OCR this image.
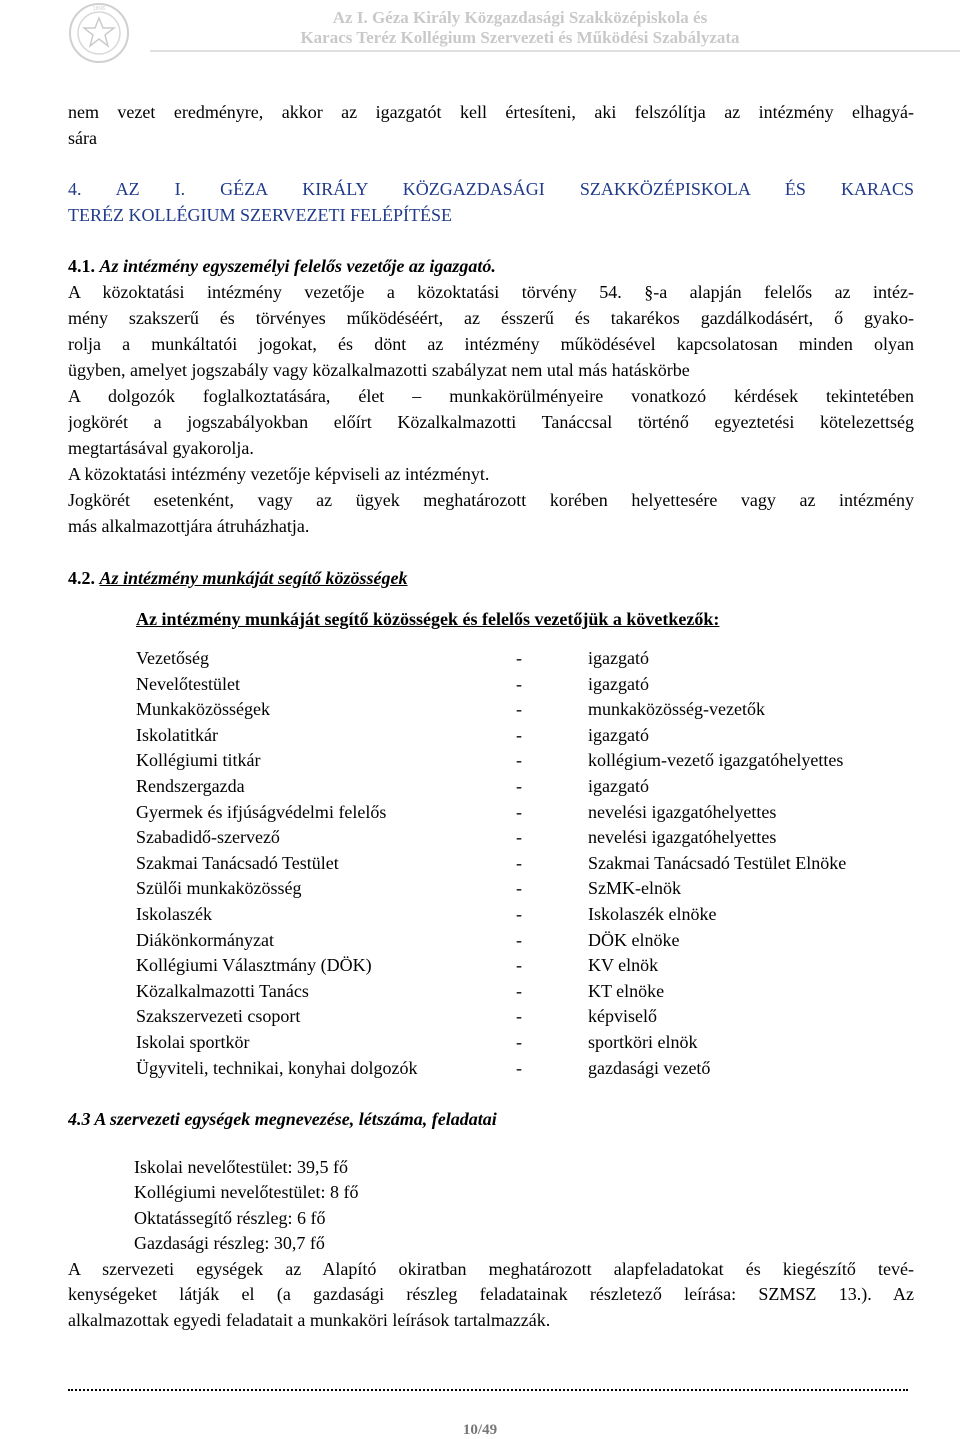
1896	Az I. Géza Király Közgazdasági Szakközépiskola és
Karacs Teréz Kollégium Szervezeti és Működési Szabályzata
nem vezet eredményre, akkor az igazgatót kell értesíteni, aki felszólítja az intézmény elhagyá-
sára
4. AZ I. GÉZA KIRÁLY KÖZGAZDASÁGI SZAKKÖZÉPISKOLA ÉS KARACS
TERÉZ KOLLÉGIUM SZERVEZETI FELÉPÍTÉSE
4.1. Az intézmény egyszemélyi felelős vezetője az igazgató.
A közoktatási intézmény vezetője a közoktatási törvény 54. §-a alapján felelős az intéz-
mény szakszerű és törvényes működéséért, az ésszerű és takarékos gazdálkodásért, ő gyako-
rolja a munkáltatói jogokat, és dönt az intézmény működésével kapcsolatosan minden olyan
ügyben, amelyet jogszabály vagy közalkalmazotti szabályzat nem utal más hatáskörbe
A dolgozók foglalkoztatására, élet – munkakörülményeire vonatkozó kérdések tekintetében
jogkörét a jogszabályokban előírt Közalkalmazotti Tanáccsal történő egyeztetési kötelezettség
megtartásával gyakorolja.
A közoktatási intézmény vezetője képviseli az intézményt.
Jogkörét esetenként, vagy az ügyek meghatározott korében helyettesére vagy az intézmény
más alkalmazottjára átruházhatja.
4.2. Az intézmény munkáját segítő közösségek
Az intézmény munkáját segítő közösségek és felelős vezetőjük a következők:
Vezetőség	-	igazgató
Nevelőtestület	-	igazgató
Munkaközösségek	-	munkaközösség-vezetők
Iskolatitkár	-	igazgató
Kollégiumi titkár	-	kollégium-vezető igazgatóhelyettes
Rendszergazda	-	igazgató
Gyermek és ifjúságvédelmi felelős	-	nevelési igazgatóhelyettes
Szabadidő-szervező	-	nevelési igazgatóhelyettes
Szakmai Tanácsadó Testület	-	Szakmai Tanácsadó Testület Elnöke
Szülői munkaközösség	-	SzMK-elnök
Iskolaszék	-	Iskolaszék elnöke
Diákönkormányzat	-	DÖK elnöke
Kollégiumi Választmány (DÖK)	-	KV elnök
Közalkalmazotti Tanács	-	KT elnöke
Szakszervezeti csoport	-	képviselő
Iskolai sportkör	-	sportköri elnök
Ügyviteli, technikai, konyhai dolgozók	-	gazdasági vezető
4.3 A szervezeti egységek megnevezése, létszáma, feladatai
Iskolai nevelőtestület: 39,5 fő
Kollégiumi nevelőtestület: 8 fő
Oktatássegítő részleg: 6 fő
Gazdasági részleg: 30,7 fő
A szervezeti egységek az Alapító okiratban meghatározott alapfeladatokat és kiegészítő tevé-
kenységeket látják el (a gazdasági részleg feladatainak részletező leírása: SZMSZ 13.). Az
alkalmazottak egyedi feladatait a munkaköri leírások tartalmazzák.
10/49
